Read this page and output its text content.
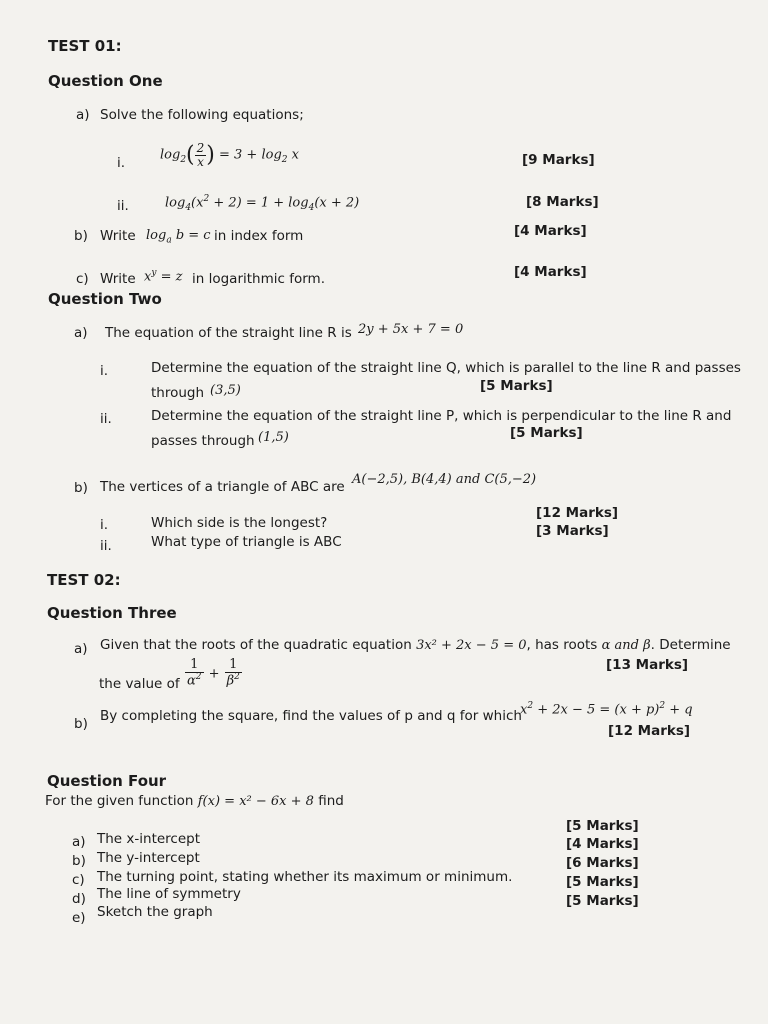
TEST 01:
Question One
a) Solve the following equations;
i.	$\log_2( \frac{2}{x}$ ) = $3 + \log_2 x$	[9 Marks]
ii.	$\log_4(x^2 + 2) = 1 + \log_4(x + 2)$	[8 Marks]
b) Write $\log_a b = c$ in index form	[4 Marks]
c) Write $x^y = z$ in logarithmic form.	[4 Marks]
Question Two
a) The equation of the straight line R is 2y + 5x + 7 = 0
i.	Determine the equation of the straight line Q, which is parallel to the line R and passes
through (3,5)	[5 Marks]
ii.	Determine the equation of the straight line P, which is perpendicular to the line R and
passes through (1,5)	[5 Marks]
b) The vertices of a triangle of ABC are A(−2,5), B(4,4) and C(5,−2)
i.	Which side is the longest?
[12 Marks]
ii.	What type of triangle is ABC
[3 Marks]
TEST 02:
Question Three
a) Given that the roots of the quadratic equation 3x² + 2x − 5 = 0, has roots α and β. Determine
the value of $\frac{1}{\alpha^2} + \frac{1}{\beta^2}$	[13 Marks]
b) By completing the square, find the values of p and q for which
$x^2 + 2x - 5 = (x + p)^2 + q$
[12 Marks]
Question Four
For the given function f(x) = x² − 6x + 8 find
a) The x-intercept
[5 Marks]
b) The y-intercept
[4 Marks]
c) The turning point, stating whether its maximum or minimum.
[6 Marks]
d) The line of symmetry
[5 Marks]
e) Sketch the graph
[5 Marks]
